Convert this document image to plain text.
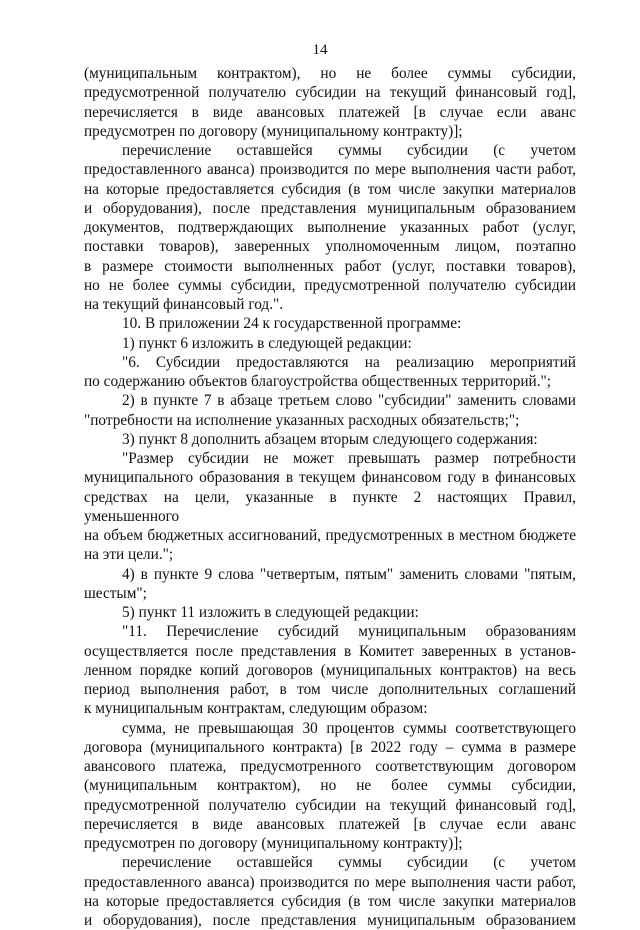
14

(муниципальным контрактом), но не более суммы субсидии,

предусмотренной получателю субсидии на текущий финансовый год],

перечисляется в виде авансовых платежей [в случае если аванс

предусмотрен по договору (муниципальному контракту)];

перечисление оставшейся суммы субсидии (с учетом

предоставленного аванса) производится по мере выполнения части работ,

на которые предоставляется субсидия (в том числе закупки материалов

и оборудования), после представления муниципальным образованием

документов, подтверждающих выполнение указанных работ (услуг,

поставки товаров), заверенных уполномоченным лицом, поэтапно

в размере стоимости выполненных работ (услуг, поставки товаров),

но не более суммы субсидии, предусмотренной получателю субсидии

на текущий финансовый год.".

10. В приложении 24 к государственной программе:

1) пункт 6 изложить в следующей редакции:

"6. Субсидии предоставляются на реализацию мероприятий

по содержанию объектов благоустройства общественных территорий.";

2) в пункте 7 в абзаце третьем слово "субсидии" заменить словами

"потребности на исполнение указанных расходных обязательств;";

3) пункт 8 дополнить абзацем вторым следующего содержания:

"Размер субсидии не может превышать размер потребности

муниципального образования в текущем финансовом году в финансовых

средствах на цели, указанные в пункте 2 настоящих Правил, уменьшенного

на объем бюджетных ассигнований, предусмотренных в местном бюджете

на эти цели.";

4) в пункте 9 слова "четвертым, пятым" заменить словами "пятым,

шестым";

5) пункт 11 изложить в следующей редакции:

"11. Перечисление субсидий муниципальным образованиям

осуществляется после представления в Комитет заверенных в установ-

ленном порядке копий договоров (муниципальных контрактов) на весь

период выполнения работ, в том числе дополнительных соглашений

к муниципальным контрактам, следующим образом:

сумма, не превышающая 30 процентов суммы соответствующего

договора (муниципального контракта) [в 2022 году – сумма в размере

авансового платежа, предусмотренного соответствующим договором

(муниципальным контрактом), но не более суммы субсидии,

предусмотренной получателю субсидии на текущий финансовый год],

перечисляется в виде авансовых платежей [в случае если аванс

предусмотрен по договору (муниципальному контракту)];

перечисление оставшейся суммы субсидии (с учетом

предоставленного аванса) производится по мере выполнения части работ,

на которые предоставляется субсидия (в том числе закупки материалов

и оборудования), после представления муниципальным образованием
